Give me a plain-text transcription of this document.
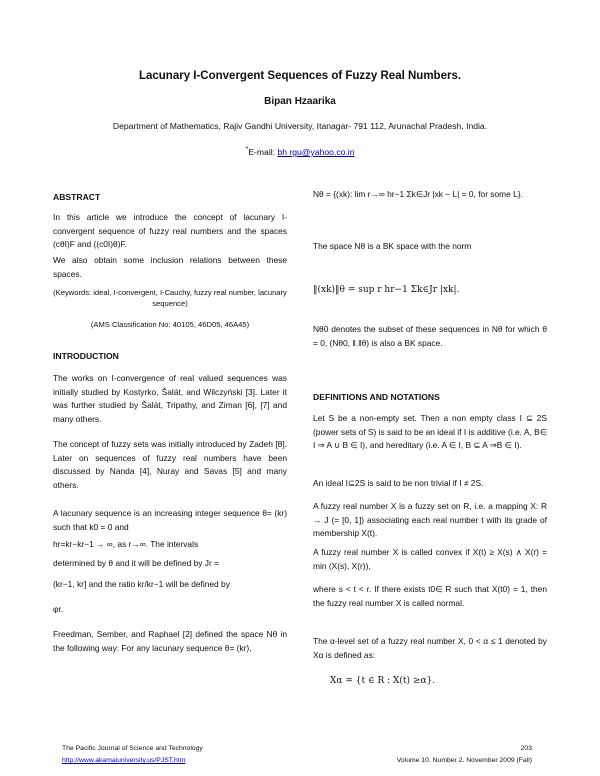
Lacunary I-Convergent Sequences of Fuzzy Real Numbers.
Bipan Hzaarika
Department of Mathematics, Rajiv Gandhi University, Itanagar- 791 112, Arunachal Pradesh, India.
*E-mail: bh rgu@yahoo.co.in
ABSTRACT
In this article we introduce the concept of lacunary I-convergent sequence of fuzzy real numbers and the spaces (cθI)F and ((c0I)θ)F.
We also obtain some inclusion relations between these spaces.
(Keywords: ideal, I-convergent, I-Cauchy, fuzzy real number, lacunary sequence)
(AMS Classification No: 40105, 46D05, 46A45)
INTRODUCTION
The works on I-convergence of real valued sequences was initially studied by Kostyrko, Šalát, and Wilczyński [3]. Later it was further studied by Šalát, Tripathy, and Ziman [6], [7] and many others.
The concept of fuzzy sets was initially introduced by Zadeh [8]. Later on sequences of fuzzy real numbers have been discussed by Nanda [4], Nuray and Savas [5] and many others.
A lacunary sequence is an increasing integer sequence θ= (kr) such that k0 = 0 and
hr=kr−kr−1 → ∞, as r→∞. The intervals
determined by θ and it will be defined by Jr =
(kr−1, kr] and the ratio kr/kr−1 will be defined by
φr.
Freedman, Sember, and Raphael [2] defined the space Nθ in the following way: For any lacunary sequence θ= (kr),
Nθ = {(xk): lim r→∞ hr−1 Σk∈Jr |xk − L| = 0, for some L}.
The space Nθ is a BK space with the norm
‖(xk)‖θ = sup r hr−1 Σk∈Jr |xk|.
Nθ0 denotes the subset of these sequences in Nθ for which θ = 0, (Nθ0, ‖.‖θ) is also a BK space.
DEFINITIONS AND NOTATIONS
Let S be a non-empty set. Then a non empty class I ⊆ 2S (power sets of S) is said to be an ideal if I is additive (i.e. A, B∈ I ⇒ A ∪ B ∈ I), and hereditary (i.e. A ∈ I, B ⊆ A ⇒B ∈ I).
An ideal I⊆2S is said to be non trivial if I ≠ 2S.
A fuzzy real number X is a fuzzy set on R, i.e. a mapping X: R → J (= [0, 1]) associating each real number t with its grade of membership X(t).
A fuzzy real number X is called convex if X(t) ≥ X(s) ∧ X(r) = min (X(s), X(r)),
where s < t < r. If there exists t0∈ R such that X(t0) = 1, then the fuzzy real number X is called normal.
The α-level set of a fuzzy real number X, 0 < α ≤ 1 denoted by Xα is defined as:
Xα = {t ∈ R : X(t) ≥α}.
The Pacific Journal of Science and Technology
http://www.akamaiuniversity.us/PJST.htm
203
Volume 10. Number 2. November 2009 (Fall)
